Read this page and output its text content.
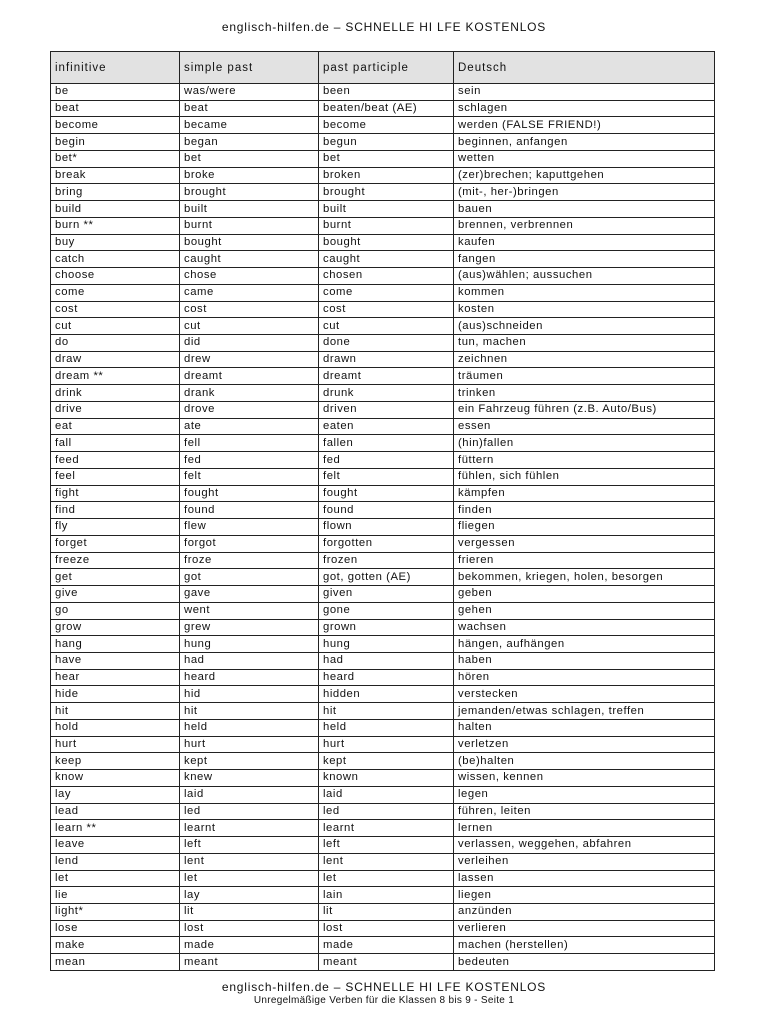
englisch-hilfen.de – SCHNELLE HI LFE KOSTENLOS
infinitive	simple past	past participle	Deutsch
be	was/were	been	sein
beat	beat	beaten/beat (AE)	schlagen
become	became	become	werden (FALSE FRIEND!)
begin	began	begun	beginnen, anfangen
bet*	bet	bet	wetten
break	broke	broken	(zer)brechen; kaputtgehen
bring	brought	brought	(mit-, her-)bringen
build	built	built	bauen
burn **	burnt	burnt	brennen, verbrennen
buy	bought	bought	kaufen
catch	caught	caught	fangen
choose	chose	chosen	(aus)wählen; aussuchen
come	came	come	kommen
cost	cost	cost	kosten
cut	cut	cut	(aus)schneiden
do	did	done	tun, machen
draw	drew	drawn	zeichnen
dream **	dreamt	dreamt	träumen
drink	drank	drunk	trinken
drive	drove	driven	ein Fahrzeug führen (z.B. Auto/Bus)
eat	ate	eaten	essen
fall	fell	fallen	(hin)fallen
feed	fed	fed	füttern
feel	felt	felt	fühlen, sich fühlen
fight	fought	fought	kämpfen
find	found	found	finden
fly	flew	flown	fliegen
forget	forgot	forgotten	vergessen
freeze	froze	frozen	frieren
get	got	got, gotten (AE)	bekommen, kriegen, holen, besorgen
give	gave	given	geben
go	went	gone	gehen
grow	grew	grown	wachsen
hang	hung	hung	hängen, aufhängen
have	had	had	haben
hear	heard	heard	hören
hide	hid	hidden	verstecken
hit	hit	hit	jemanden/etwas schlagen, treffen
hold	held	held	halten
hurt	hurt	hurt	verletzen
keep	kept	kept	(be)halten
know	knew	known	wissen, kennen
lay	laid	laid	legen
lead	led	led	führen, leiten
learn **	learnt	learnt	lernen
leave	left	left	verlassen, weggehen, abfahren
lend	lent	lent	verleihen
let	let	let	lassen
lie	lay	lain	liegen
light*	lit	lit	anzünden
lose	lost	lost	verlieren
make	made	made	machen (herstellen)
mean	meant	meant	bedeuten
englisch-hilfen.de – SCHNELLE HI LFE KOSTENLOS
Unregelmäßige Verben für die Klassen 8 bis 9 - Seite 1
